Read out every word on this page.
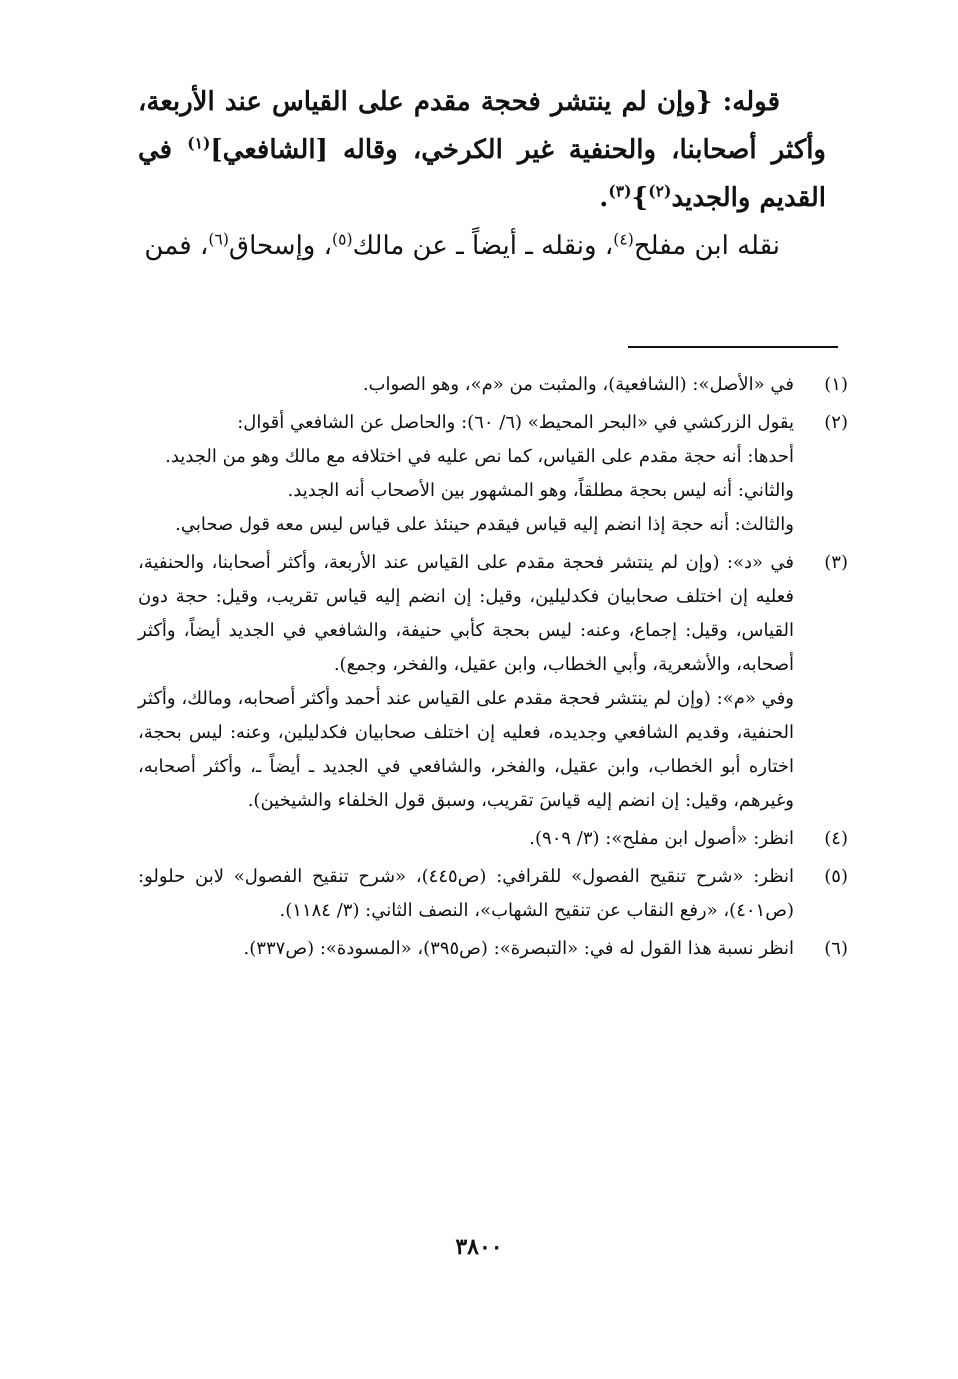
قوله: {وإن لم ينتشر فحجة مقدم على القياس عند الأربعة، وأكثر أصحابنا، والحنفية غير الكرخي، وقاله [الشافعي]$^{(١)}$ في القديم والجديد$^{(٢)}$}$^{(٣)}$.

نقله ابن مفلح$^{(٤)}$، ونقله ـ أيضاً ـ عن مالك$^{(٥)}$، وإسحاق$^{(٦)}$، فمن

(١)

في «الأصل»: (الشافعية)، والمثبت من «م»، وهو الصواب.

(٢)

يقول الزركشي في «البحر المحيط» (٦/ ٦٠): والحاصل عن الشافعي أقوال:

أحدها: أنه حجة مقدم على القياس، كما نص عليه في اختلافه مع مالك وهو من الجديد.

والثاني: أنه ليس بحجة مطلقاً، وهو المشهور بين الأصحاب أنه الجديد.

والثالث: أنه حجة إذا انضم إليه قياس فيقدم حينئذ على قياس ليس معه قول صحابي.

(٣)

في «د»: (وإن لم ينتشر فحجة مقدم على القياس عند الأربعة، وأكثر أصحابنا، والحنفية، فعليه إن اختلف صحابيان فكدليلين، وقيل: إن انضم إليه قياس تقريب، وقيل: حجة دون القياس، وقيل: إجماع، وعنه: ليس بحجة كأبي حنيفة، والشافعي في الجديد أيضاً، وأكثر أصحابه، والأشعرية، وأبي الخطاب، وابن عقيل، والفخر، وجمع).

وفي «م»: (وإن لم ينتشر فحجة مقدم على القياس عند أحمد وأكثر أصحابه، ومالك، وأكثر الحنفية، وقديم الشافعي وجديده، فعليه إن اختلف صحابيان فكدليلين، وعنه: ليس بحجة، اختاره أبو الخطاب، وابن عقيل، والفخر، والشافعي في الجديد ـ أيضاً ـ، وأكثر أصحابه، وغيرهم، وقيل: إن انضم إليه قياسَ تقريب، وسبق قول الخلفاء والشيخين).

(٤)

انظر: «أصول ابن مفلح»: (٣/ ٩٠٩).

(٥)

انظر: «شرح تنقيح الفصول» للقرافي: (ص٤٤٥)، «شرح تنقيح الفصول» لابن حلولو: (ص٤٠١)، «رفع النقاب عن تنقيح الشهاب»، النصف الثاني: (٣/ ١١٨٤).

(٦)

انظر نسبة هذا القول له في: «التبصرة»: (ص٣٩٥)، «المسودة»: (ص٣٣٧).

٣٨٠٠
